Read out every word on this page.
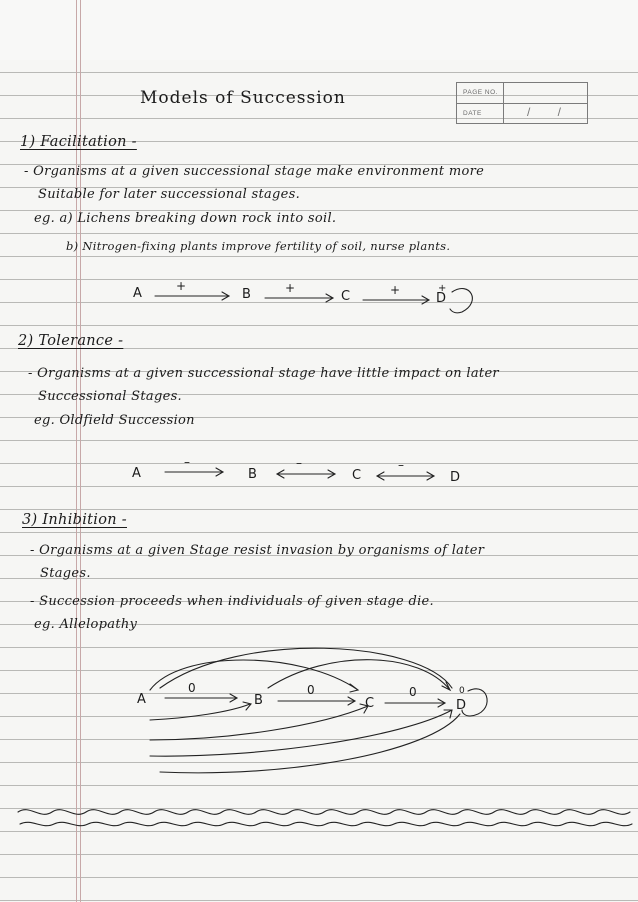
Models of Succession	PAGE NO.
DATE	/ /
1) Facilitation -
- Organisms at a given successional stage make environment more
Suitable for later successional stages.
eg. a) Lichens breaking down rock into soil.
b) Nitrogen-fixing plants improve fertility of soil, nurse plants.
A	B	C	D
+	+	+	+
2) Tolerance -
- Organisms at a given successional stage have little impact on later
Successional Stages.
eg. Oldfield Succession
A	B	C	D
–	–	–
3) Inhibition -
- Organisms at a given Stage resist invasion by organisms of later
Stages.
- Succession proceeds when individuals of given stage die.
eg. Allelopathy
A	B	C	D
0	0	0	0
